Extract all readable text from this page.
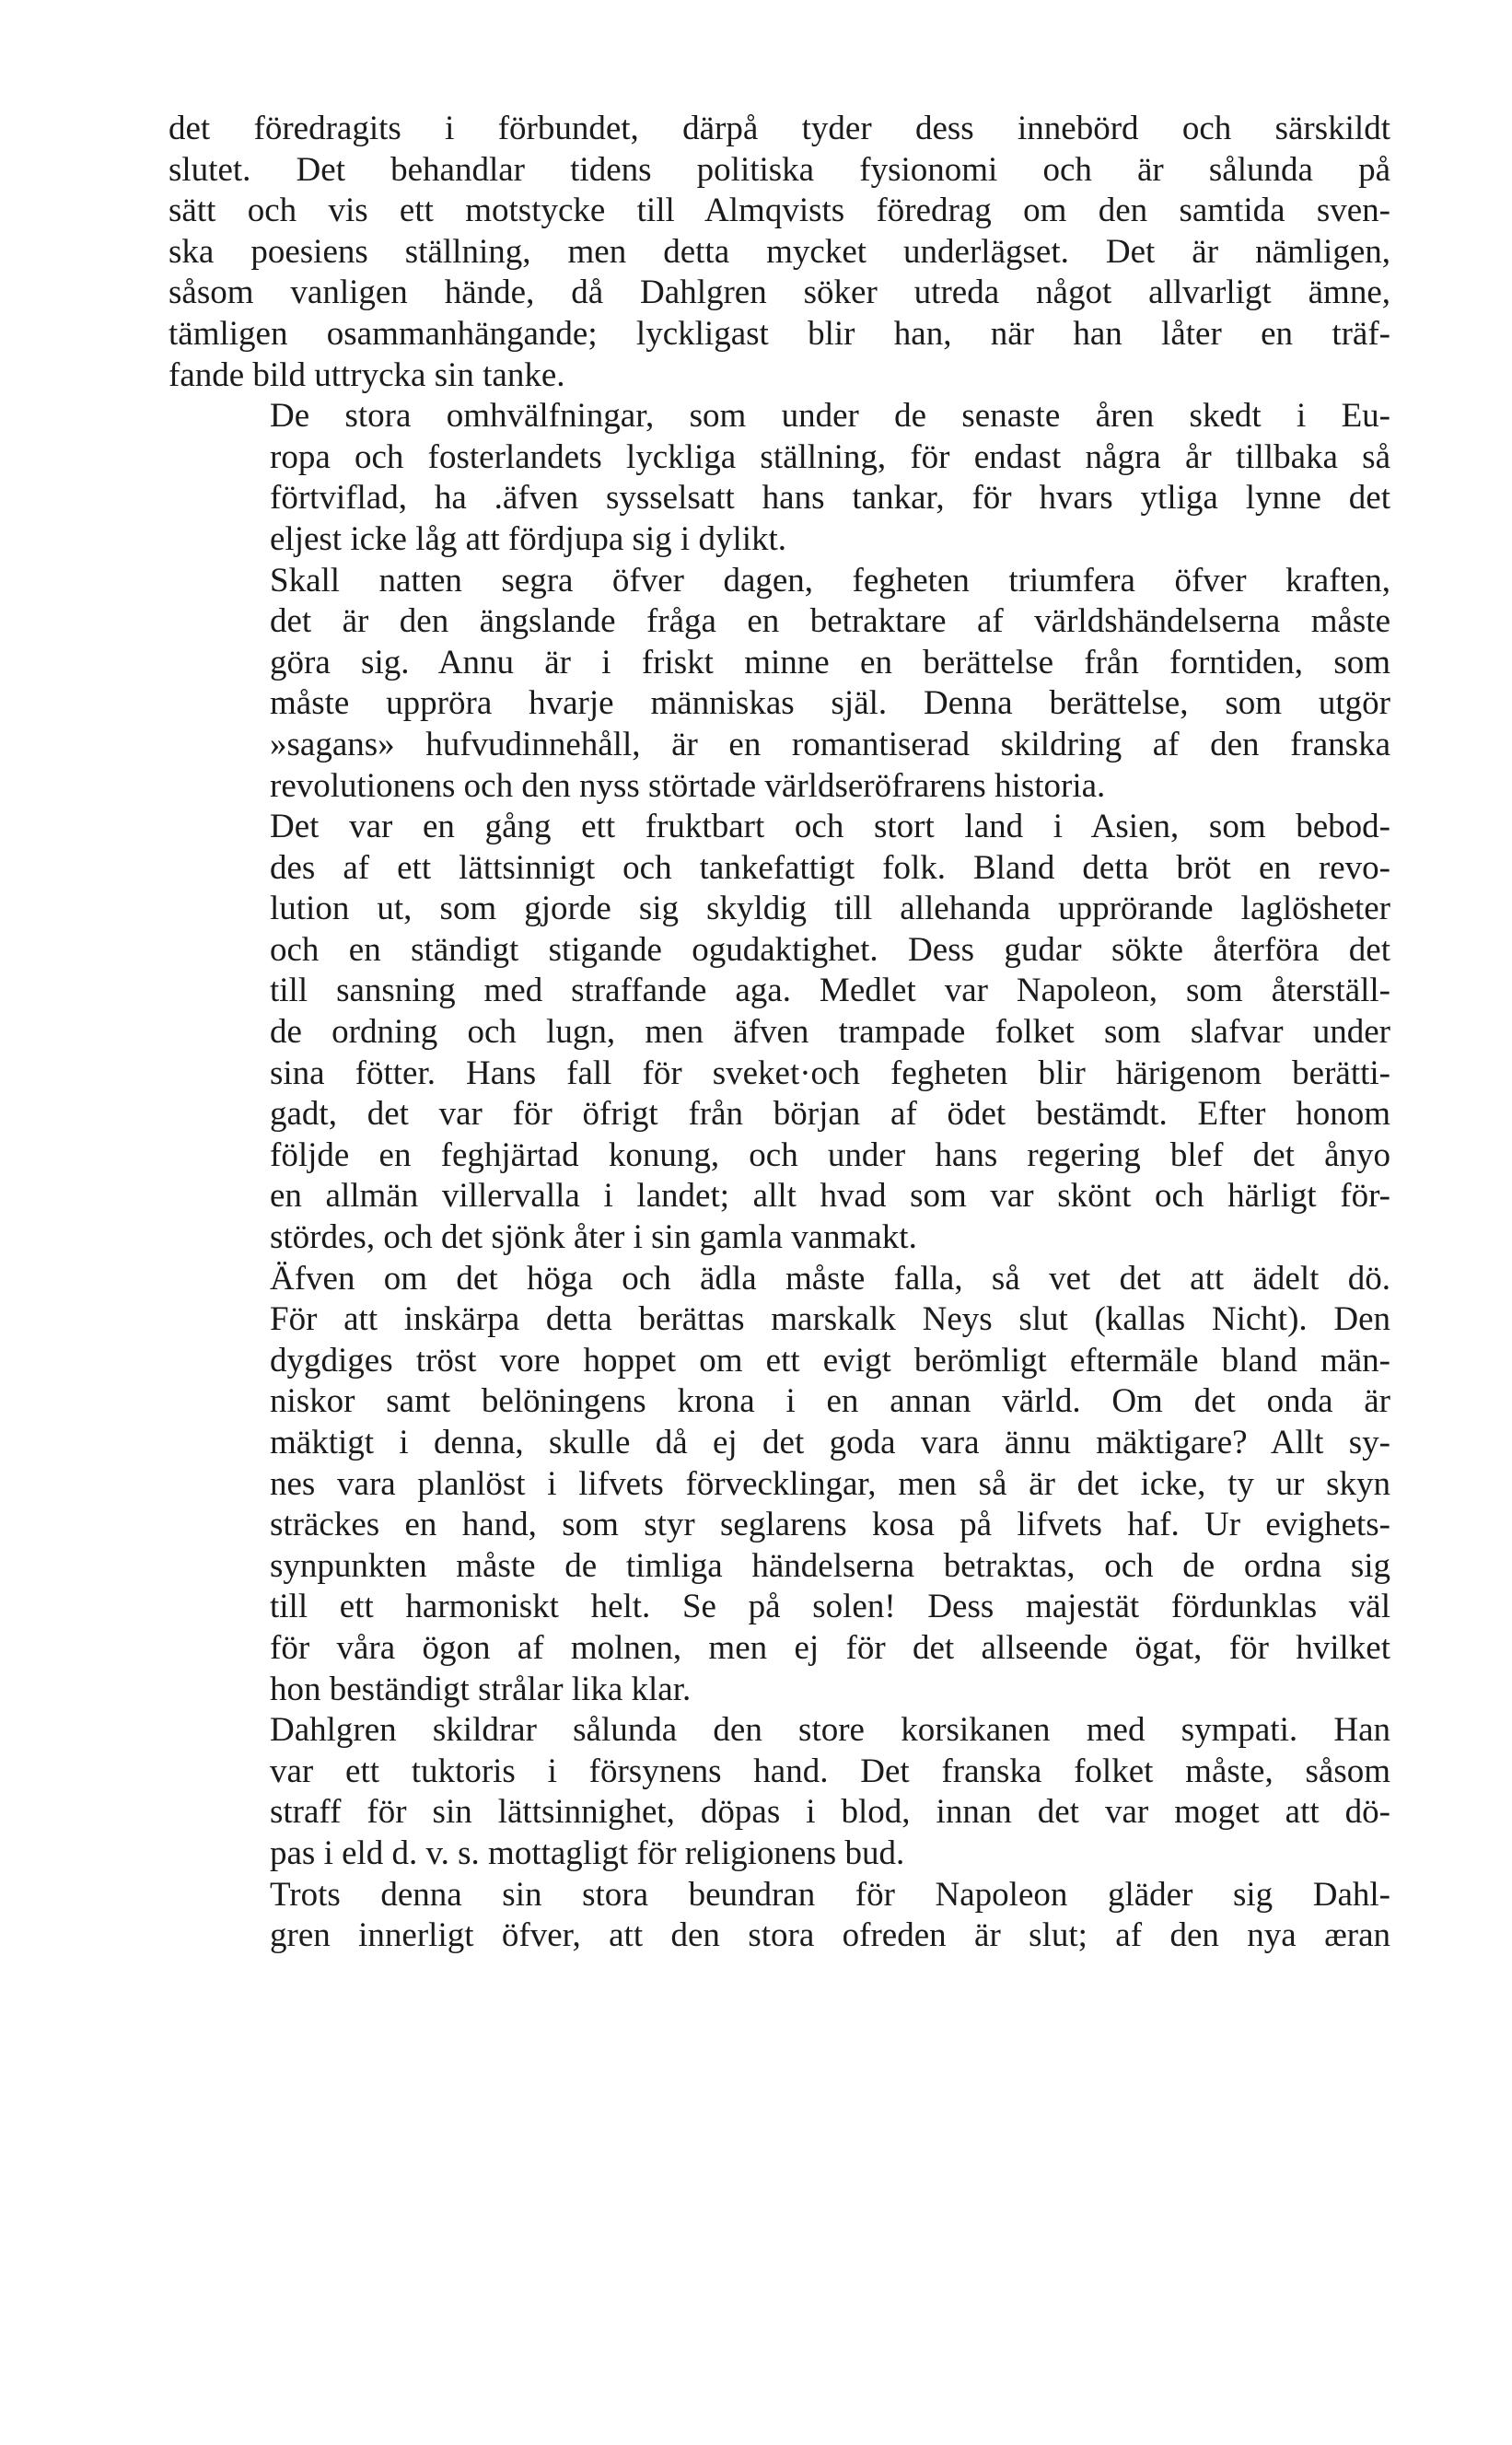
det föredragits i förbundet, därpå tyder dess innebörd och särskildt
slutet. Det behandlar tidens politiska fysionomi och är sålunda på
sätt och vis ett motstycke till Almqvists föredrag om den samtida sven-
ska poesiens ställning, men detta mycket underlägset. Det är nämligen,
såsom vanligen hände, då Dahlgren söker utreda något allvarligt ämne,
tämligen osammanhängande; lyckligast blir han, när han låter en träf-
fande bild uttrycka sin tanke.

De stora omhvälfningar, som under de senaste åren skedt i Eu-
ropa och fosterlandets lyckliga ställning, för endast några år tillbaka så
förtviflad, ha .äfven sysselsatt hans tankar, för hvars ytliga lynne det
eljest icke låg att fördjupa sig i dylikt.

Skall natten segra öfver dagen, fegheten triumfera öfver kraften,
det är den ängslande fråga en betraktare af världshändelserna måste
göra sig. Annu är i friskt minne en berättelse från forntiden, som
måste uppröra hvarje människas själ. Denna berättelse, som utgör
»sagans» hufvudinnehåll, är en romantiserad skildring af den franska
revolutionens och den nyss störtade världseröfrarens historia.

Det var en gång ett fruktbart och stort land i Asien, som bebod-
des af ett lättsinnigt och tankefattigt folk. Bland detta bröt en revo-
lution ut, som gjorde sig skyldig till allehanda upprörande laglösheter
och en ständigt stigande ogudaktighet. Dess gudar sökte återföra det
till sansning med straffande aga. Medlet var Napoleon, som återställ-
de ordning och lugn, men äfven trampade folket som slafvar under
sina fötter. Hans fall för sveket·och fegheten blir härigenom berätti-
gadt, det var för öfrigt från början af ödet bestämdt. Efter honom
följde en feghjärtad konung, och under hans regering blef det ånyo
en allmän villervalla i landet; allt hvad som var skönt och härligt för-
stördes, och det sjönk åter i sin gamla vanmakt.

Äfven om det höga och ädla måste falla, så vet det att ädelt dö.
För att inskärpa detta berättas marskalk Neys slut (kallas Nicht). Den
dygdiges tröst vore hoppet om ett evigt berömligt eftermäle bland män-
niskor samt belöningens krona i en annan värld. Om det onda är
mäktigt i denna, skulle då ej det goda vara ännu mäktigare? Allt sy-
nes vara planlöst i lifvets förvecklingar, men så är det icke, ty ur skyn
sträckes en hand, som styr seglarens kosa på lifvets haf. Ur evighets-
synpunkten måste de timliga händelserna betraktas, och de ordna sig
till ett harmoniskt helt. Se på solen! Dess majestät fördunklas väl
för våra ögon af molnen, men ej för det allseende ögat, för hvilket
hon beständigt strålar lika klar.

Dahlgren skildrar sålunda den store korsikanen med sympati. Han
var ett tuktoris i försynens hand. Det franska folket måste, såsom
straff för sin lättsinnighet, döpas i blod, innan det var moget att dö-
pas i eld d. v. s. mottagligt för religionens bud.

Trots denna sin stora beundran för Napoleon gläder sig Dahl-
gren innerligt öfver, att den stora ofreden är slut; af den nya æran
